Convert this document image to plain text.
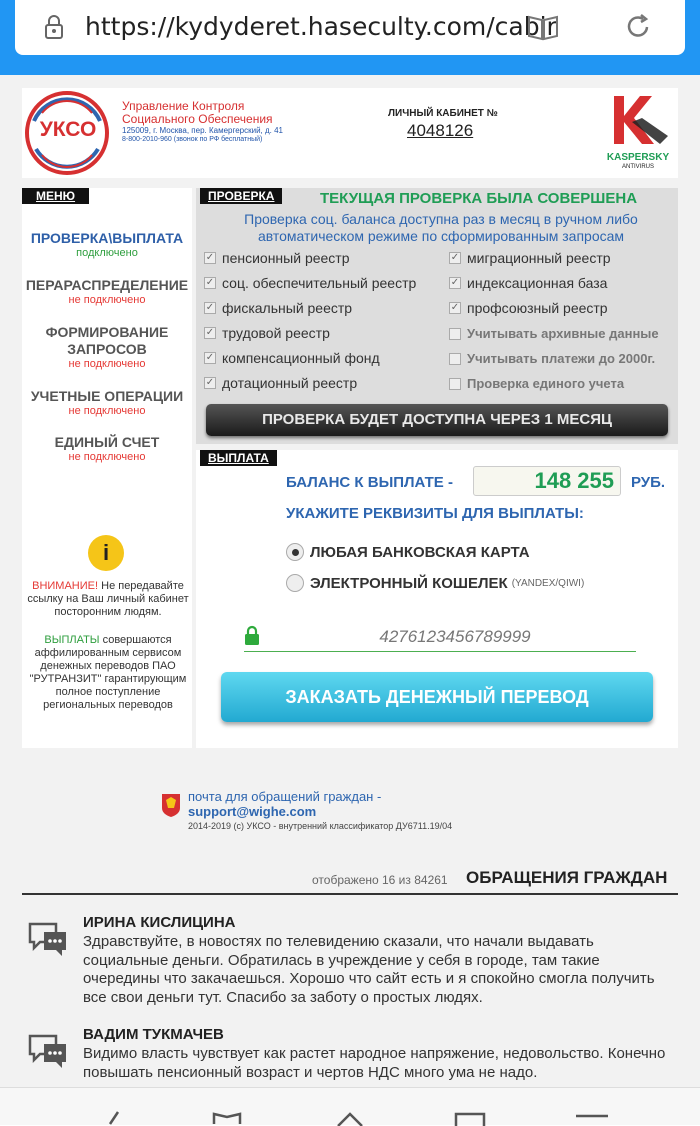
https://kydyderet.haseculty.com/cabir
УКСО
Управление Контроля Социального Обеспечения
125009, г. Москва, пер. Камергерский, д. 41
8-800-2010-960 (звонок по РФ бесплатный)
ЛИЧНЫЙ КАБИНЕТ №
4048126
KASPERSKY
ANTIVIRUS
МЕНЮ
ПРОВЕРКА\ВЫПЛАТА
подключено
ПЕРАРАСПРЕДЕЛЕНИЕ
не подключено
ФОРМИРОВАНИЕ ЗАПРОСОВ
не подключено
УЧЕТНЫЕ ОПЕРАЦИИ
не подключено
ЕДИНЫЙ СЧЕТ
не подключено
i
ВНИМАНИЕ! Не передавайте ссылку на Ваш личный кабинет посторонним людям.
ВЫПЛАТЫ совершаются аффилированным сервисом денежных переводов ПАО "РУТРАНЗИТ" гарантирующим полное поступление региональных переводов
ПРОВЕРКА	ТЕКУЩАЯ ПРОВЕРКА БЫЛА СОВЕРШЕНА
Проверка соц. баланса доступна раз в месяц в ручном либо автоматическом режиме по сформированным запросам
✓ пенсионный реестр
✓ соц. обеспечительный реестр
✓ фискальный реестр
✓ трудовой реестр
✓ компенсационный фонд
✓ дотационный реестр
✓ миграционный реестр
✓ индексационная база
✓ профсоюзный реестр
Учитывать архивные данные
Учитывать платежи до 2000г.
Проверка единого учета
ПРОВЕРКА БУДЕТ ДОСТУПНА ЧЕРЕЗ 1 МЕСЯЦ
ВЫПЛАТА
БАЛАНС К ВЫПЛАТЕ -	148 255	РУБ.
УКАЖИТЕ РЕКВИЗИТЫ ДЛЯ ВЫПЛАТЫ:
ЛЮБАЯ БАНКОВСКАЯ КАРТА
ЭЛЕКТРОННЫЙ КОШЕЛЕК (YANDEX/QIWI)
4276123456789999
ЗАКАЗАТЬ ДЕНЕЖНЫЙ ПЕРЕВОД
почта для обращений граждан -
support@wighe.com
2014-2019 (с) УКСО - внутренний классификатор ДУ6711.19/04
отображено 16 из 84261 ОБРАЩЕНИЯ ГРАЖДАН
ИРИНА КИСЛИЦИНА
Здравствуйте, в новостях по телевидению сказали, что начали выдавать социальные деньги. Обратилась в учреждение у себя в городе, там такие очередины что закачаешься. Хорошо что сайт есть и я спокойно смогла получить все свои деньги тут. Спасибо за заботу о простых людях.
ВАДИМ ТУКМАЧЕВ
Видимо власть чувствует как растет народное напряжение, недовольство. Конечно повышать пенсионный возраст и чертов НДС много ума не надо.
